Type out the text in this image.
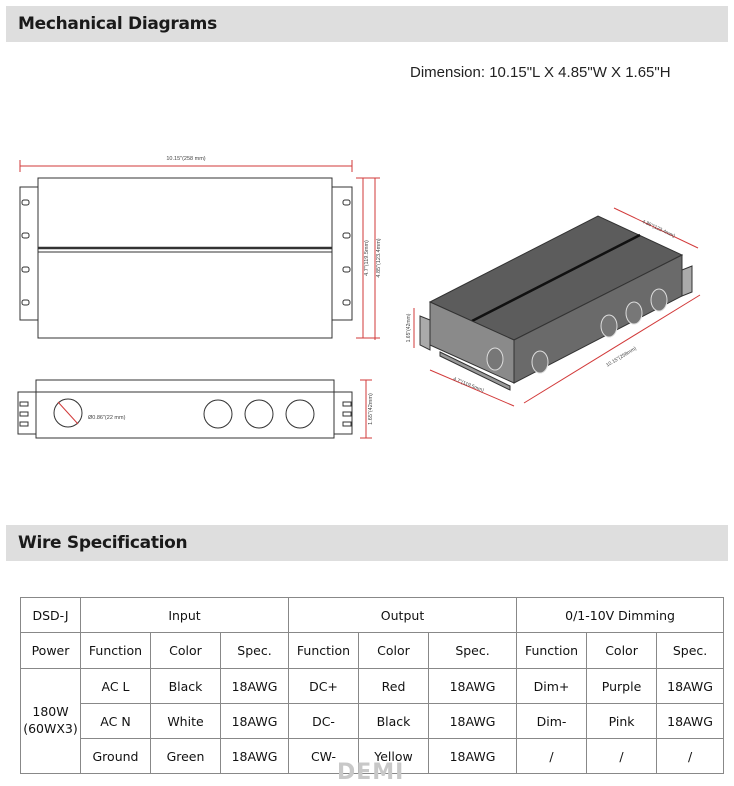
Mechanical Diagrams
Dimension: 10.15"L X 4.85"W X 1.65"H
10.15"(258 mm)
4.7"(119.5mm) 4.85"(123.4mm)
Ø0.86"(22 mm)	1.65"(42mm)
4.85"(123.4mm)
10.15"(258mm)
1.65"(42mm)
4.7"(119.5mm)
Wire Specification
DSD-J	Input			Output			0/1-10V Dimming		
Power	Function	Color	Spec.	Function	Color	Spec.	Function	Color	Spec.
180W
(60WX3)	AC L	Black	18AWG	DC+	Red	18AWG	Dim+	Purple	18AWG
	AC N	White	18AWG	DC-	Black	18AWG	Dim-	Pink	18AWG
	Ground	Green	18AWG	CW-	Yellow	18AWG	/	/	/
DEMI
